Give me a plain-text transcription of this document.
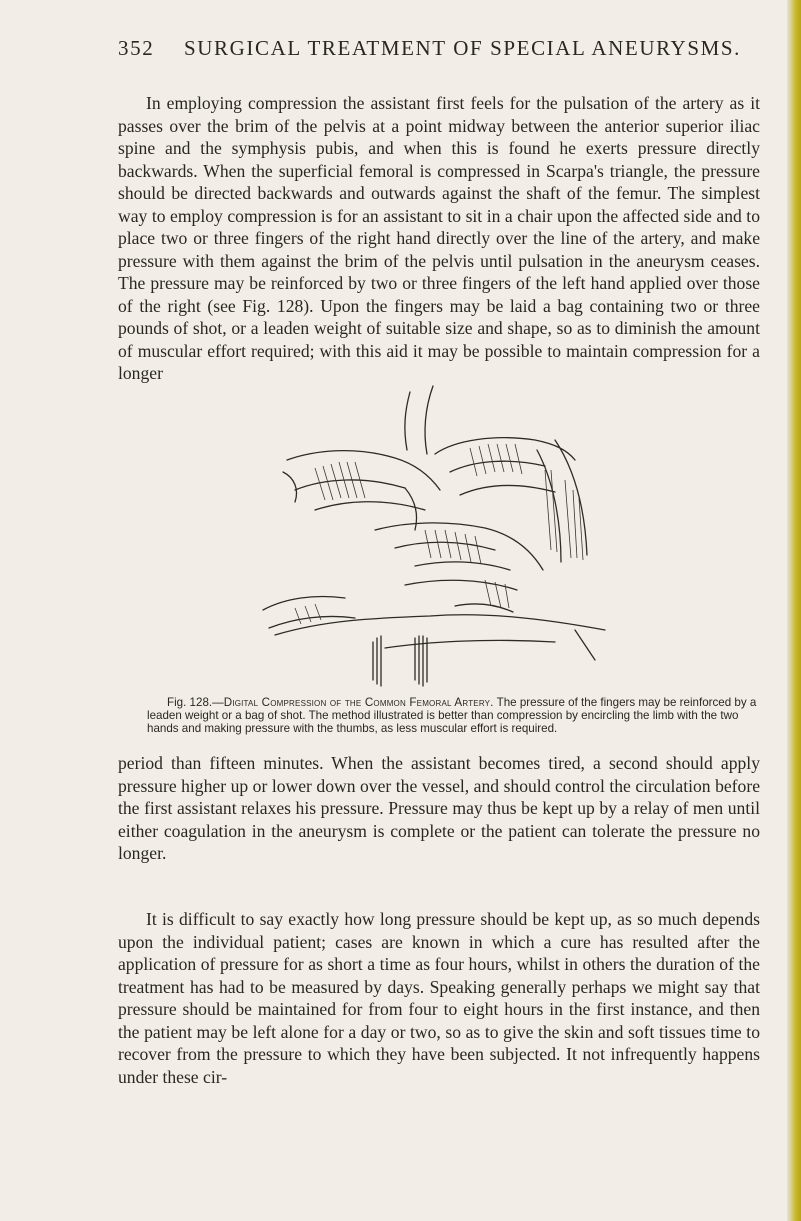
352 SURGICAL TREATMENT OF SPECIAL ANEURYSMS.

In employing compression the assistant first feels for the pulsation of the artery as it passes over the brim of the pelvis at a point midway between the anterior superior iliac spine and the symphysis pubis, and when this is found he exerts pressure directly backwards. When the superficial femoral is compressed in Scarpa's triangle, the pressure should be directed backwards and outwards against the shaft of the femur. The simplest way to employ compression is for an assistant to sit in a chair upon the affected side and to place two or three fingers of the right hand directly over the line of the artery, and make pressure with them against the brim of the pelvis until pulsation in the aneurysm ceases. The pressure may be reinforced by two or three fingers of the left hand applied over those of the right (see Fig. 128). Upon the fingers may be laid a bag containing two or three pounds of shot, or a leaden weight of suitable size and shape, so as to diminish the amount of muscular effort required; with this aid it may be possible to maintain compression for a longer

Fig. 128.—Digital Compression of the Common Femoral Artery. The pressure of the fingers may be reinforced by a leaden weight or a bag of shot. The method illustrated is better than compression by encircling the limb with the two hands and making pressure with the thumbs, as less muscular effort is required.

period than fifteen minutes. When the assistant becomes tired, a second should apply pressure higher up or lower down over the vessel, and should control the circulation before the first assistant relaxes his pressure. Pressure may thus be kept up by a relay of men until either coagulation in the aneurysm is complete or the patient can tolerate the pressure no longer.

It is difficult to say exactly how long pressure should be kept up, as so much depends upon the individual patient; cases are known in which a cure has resulted after the application of pressure for as short a time as four hours, whilst in others the duration of the treatment has had to be measured by days. Speaking generally perhaps we might say that pressure should be maintained for from four to eight hours in the first instance, and then the patient may be left alone for a day or two, so as to give the skin and soft tissues time to recover from the pressure to which they have been subjected. It not infrequently happens under these cir-
